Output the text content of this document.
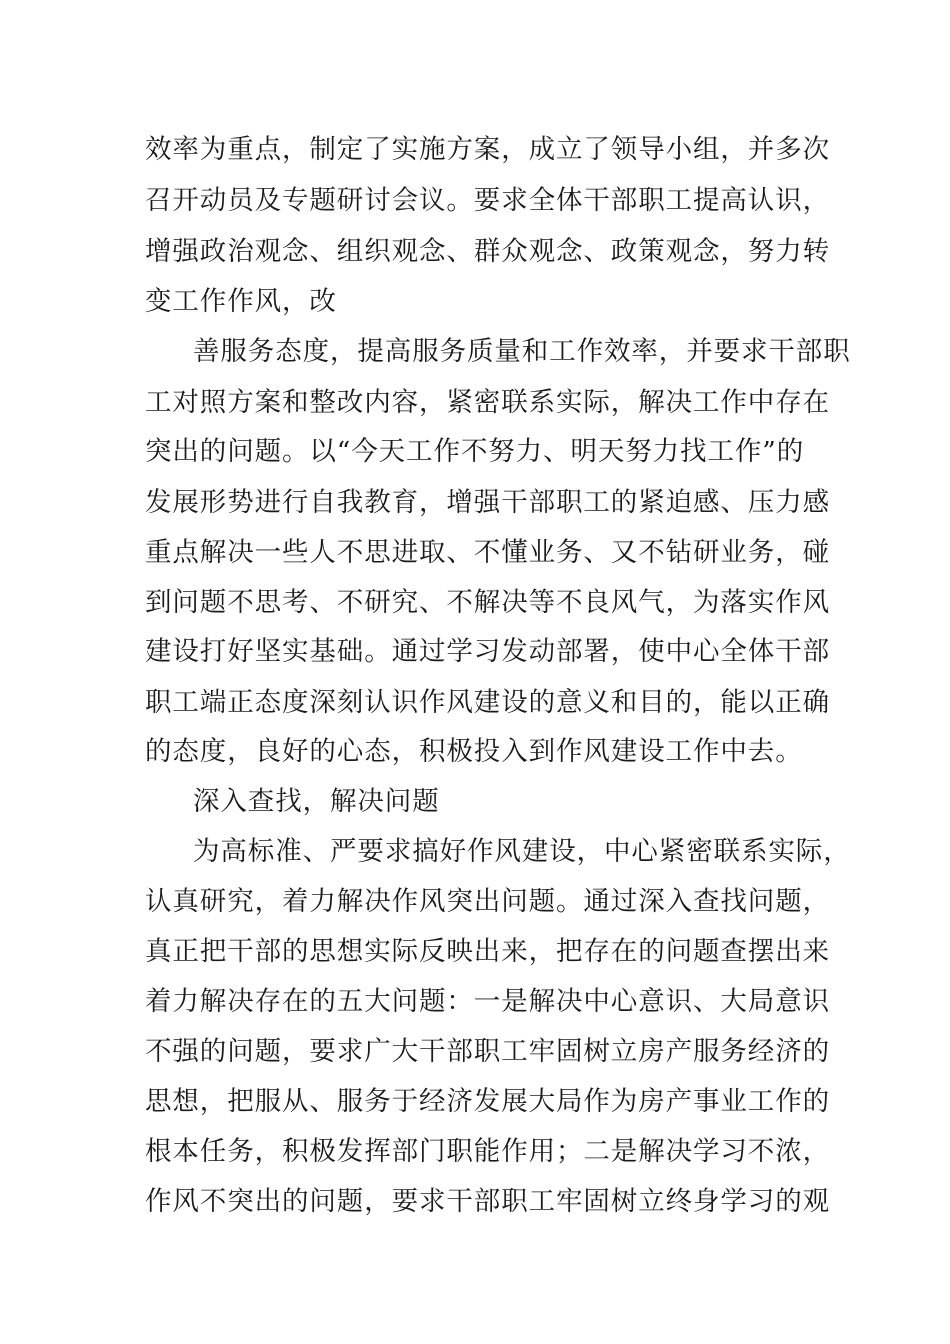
效率为重点，制定了实施方案，成立了领导小组，并多次
召开动员及专题研讨会议。要求全体干部职工提高认识，
增强政治观念、组织观念、群众观念、政策观念，努力转
变工作作风，改
善服务态度，提高服务质量和工作效率，并要求干部职
工对照方案和整改内容，紧密联系实际，解决工作中存在
突出的问题。以“今天工作不努力、明天努力找工作”的
发展形势进行自我教育，增强干部职工的紧迫感、压力感
重点解决一些人不思进取、不懂业务、又不钻研业务，碰
到问题不思考、不研究、不解决等不良风气，为落实作风
建设打好坚实基础。通过学习发动部署，使中心全体干部
职工端正态度深刻认识作风建设的意义和目的，能以正确
的态度，良好的心态，积极投入到作风建设工作中去。
深入查找，解决问题
为高标准、严要求搞好作风建设，中心紧密联系实际，
认真研究，着力解决作风突出问题。通过深入查找问题，
真正把干部的思想实际反映出来，把存在的问题查摆出来
着力解决存在的五大问题：一是解决中心意识、大局意识
不强的问题，要求广大干部职工牢固树立房产服务经济的
思想，把服从、服务于经济发展大局作为房产事业工作的
根本任务，积极发挥部门职能作用；二是解决学习不浓，
作风不突出的问题，要求干部职工牢固树立终身学习的观
